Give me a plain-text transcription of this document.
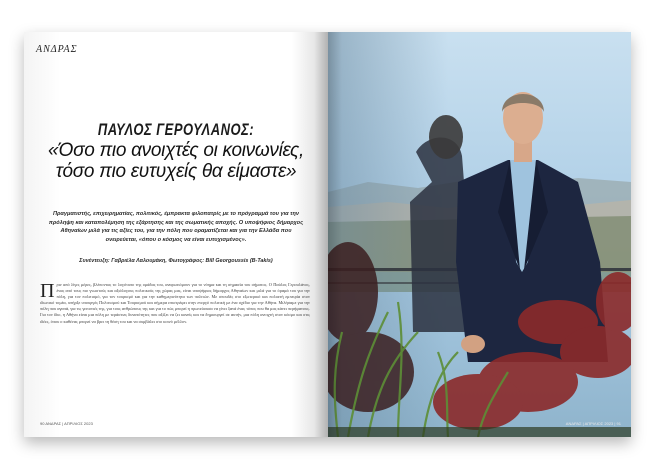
ΑΝΔΡΑΣ
ΠΑΥΛΟΣ ΓΕΡΟΥΛΑΝΟΣ:
«Όσο πιο ανοιχτές οι κοινωνίες,
τόσο πιο ευτυχείς θα είμαστε»
Πραγματιστής, επιχειρηματίας, πολιτικός, έμπρακτα φιλοπατρίς με το πρόγραμμά του για την πρόληψη και καταπολέμηση της εξάρτησης και της σωματικής αποχής. Ο υποψήφιος δήμαρχος Αθηναίων μιλά για τις αξίες του, για την πόλη που οραματίζεται και για την Ελλάδα που ονειρεύεται, «όπου ο κόσμος να είναι ευτυχισμένος».
Συνέντευξη: Γαβριέλα Λαλουμάκη, Φωτογράφος: Bill Georgoussis (B-Takis)
Π ριν από λίγες μέρες, βλέποντας το λογότυπο της ομάδας του, αναρωτιόμουν για το νόημα και τη σημασία του σήματος. Ο Παύλος Γερουλάνος, ένας από τους πιο γνωστούς και αξιόλογους πολιτικούς της χώρας μας, είναι υποψήφιος δήμαρχος Αθηναίων και μιλά για το όραμά του για την πόλη, για τον πολιτισμό, για τον τουρισμό και για την καθημερινότητα των πολιτών. Με σπουδές στο εξωτερικό και πολυετή εμπειρία στον ιδιωτικό τομέα, υπήρξε υπουργός Πολιτισμού και Τουρισμού και σήμερα επιστρέφει στην ενεργό πολιτική με ένα σχέδιο για την Αθήνα. Μιλήσαμε για την πόλη που αγαπά, για τις γειτονιές της, για τους ανθρώπους της και για το πώς μπορεί η πρωτεύουσα να γίνει ξανά ένας τόπος που θα μας κάνει περήφανους. Για τον ίδιο, η Αθήνα είναι μια πόλη με τεράστιες δυνατότητες που αξίζει να ζει κανείς και να δημιουργεί σε αυτήν, μια πόλη ανοιχτή στον κόσμο και στις ιδέες, όπου ο καθένας μπορεί να βρει τη θέση του και να συμβάλει στο κοινό μέλλον.
90 ΑΝΔΡΑΣ | ΑΠΡΙΛΙΟΣ 2023	ΑΝΔΡΑΣ | ΑΠΡΙΛΙΟΣ 2023 | 91
